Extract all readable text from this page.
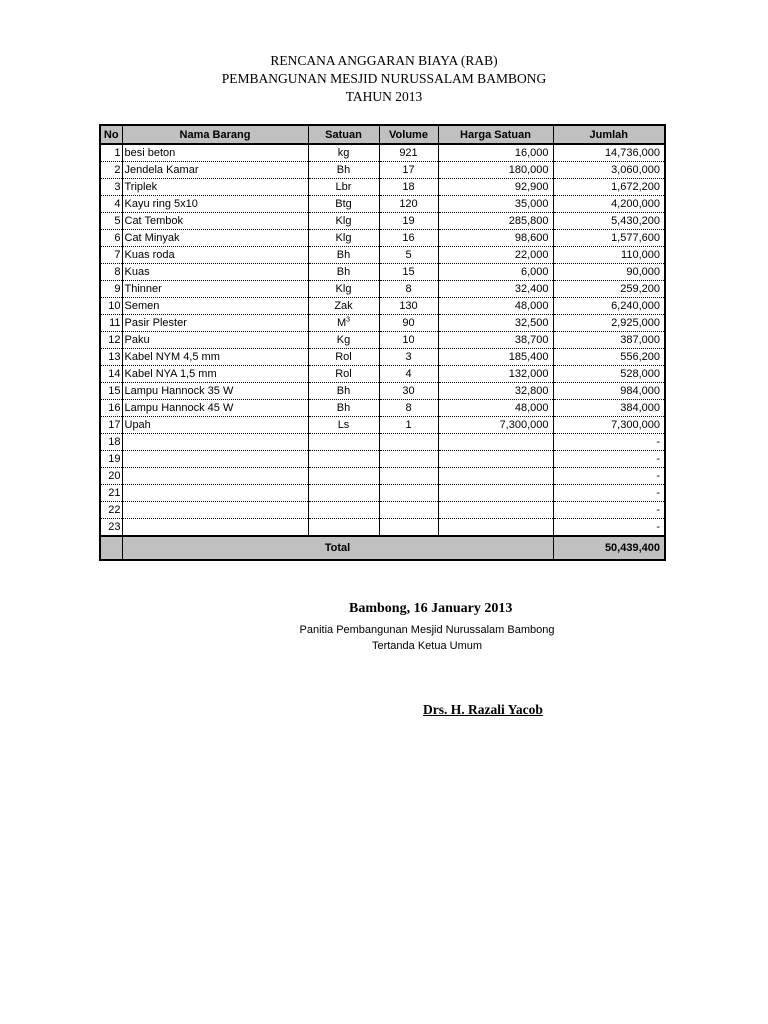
RENCANA ANGGARAN BIAYA (RAB)
PEMBANGUNAN MESJID NURUSSALAM BAMBONG
TAHUN 2013
No	Nama Barang	Satuan	Volume	Harga Satuan	Jumlah
1	besi beton	kg	921	16,000	14,736,000
2	Jendela Kamar	Bh	17	180,000	3,060,000
3	Triplek	Lbr	18	92,900	1,672,200
4	Kayu ring 5x10	Btg	120	35,000	4,200,000
5	Cat Tembok	Klg	19	285,800	5,430,200
6	Cat Minyak	Klg	16	98,600	1,577,600
7	Kuas roda	Bh	5	22,000	110,000
8	Kuas	Bh	15	6,000	90,000
9	Thinner	Klg	8	32,400	259,200
10	Semen	Zak	130	48,000	6,240,000
11	Pasir Plester	$M^3$	90	32,500	2,925,000
12	Paku	Kg	10	38,700	387,000
13	Kabel NYM 4,5 mm	Rol	3	185,400	556,200
14	Kabel NYA 1,5 mm	Rol	4	132,000	528,000
15	Lampu Hannock 35 W	Bh	30	32,800	984,000
16	Lampu Hannock 45 W	Bh	8	48,000	384,000
17	Upah	Ls	1	7,300,000	7,300,000
18					-
19					-
20					-
21					-
22					-
23					-
	Total				50,439,400
Bambong, 16 January 2013
Panitia Pembangunan Mesjid Nurussalam Bambong
Tertanda Ketua Umum
Drs. H. Razali Yacob
